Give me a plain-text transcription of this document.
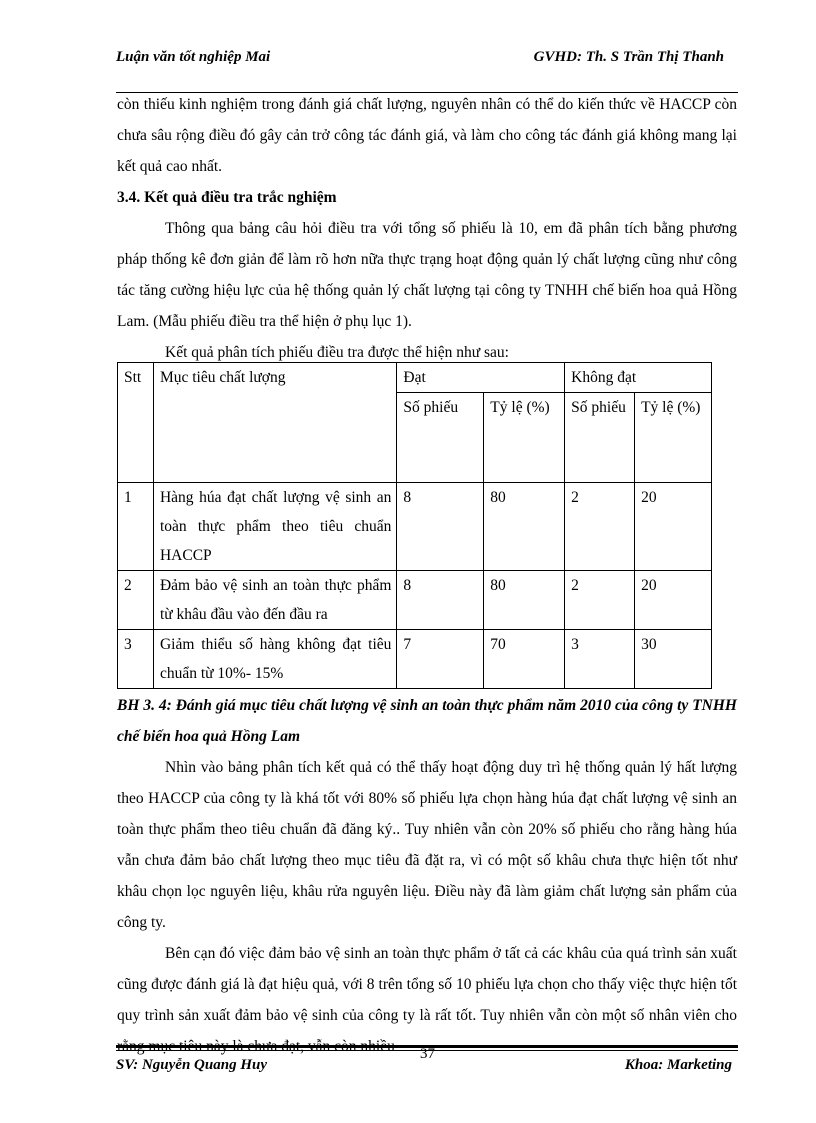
Luận văn tốt nghiệp Mai	GVHD: Th. S Trần Thị Thanh

còn thiếu kinh nghiệm trong đánh giá chất lượng, nguyên nhân có thể do kiến thức về HACCP còn chưa sâu rộng điều đó gây cản trở công tác đánh giá, và làm cho công tác đánh giá không mang lại kết quả cao nhất.

3.4. Kết quả điều tra trắc nghiệm

Thông qua bảng câu hỏi điều tra với tổng số phiếu là 10, em đã phân tích bằng phương pháp thống kê đơn giản để làm rõ hơn nữa thực trạng hoạt động quản lý chất lượng cũng như công tác tăng cường hiệu lực của hệ thống quản lý chất lượng tại công ty TNHH chế biến hoa quả Hồng Lam. (Mẫu phiếu điều tra thể hiện ở phụ lục 1).

Kết quả phân tích phiếu điều tra được thể hiện như sau:

Stt	Mục tiêu chất lượng	Đạt		Không đạt	
		Số phiếu	Tỷ lệ (%)	Số phiếu	Tỷ lệ (%)
1	Hàng húa đạt chất lượng vệ sinh an toàn thực phẩm theo tiêu chuẩn HACCP	8	80	2	20
2	Đảm bảo vệ sinh an toàn thực phẩm từ khâu đầu vào đến đầu ra	8	80	2	20
3	Giảm thiểu số hàng không đạt tiêu chuẩn từ 10%- 15%	7	70	3	30

BH 3. 4: Đánh giá mục tiêu chất lượng vệ sinh an toàn thực phẩm năm 2010 của công ty TNHH chế biến hoa quả Hồng Lam

Nhìn vào bảng phân tích kết quả có thể thấy hoạt động duy trì hệ thống quản lý hất lượng theo HACCP của công ty là khá tốt với 80% số phiếu lựa chọn hàng húa đạt chất lượng vệ sinh an toàn thực phẩm theo tiêu chuẩn đã đăng ký.. Tuy nhiên vẫn còn 20% số phiếu cho rằng hàng húa vẫn chưa đảm bảo chất lượng theo mục tiêu đã đặt ra, vì có một số khâu chưa thực hiện tốt như khâu chọn lọc nguyên liệu, khâu rửa nguyên liệu. Điều này đã làm giảm chất lượng sản phẩm của công ty.

Bên cạn đó việc đảm bảo vệ sinh an toàn thực phẩm ở tất cả các khâu của quá trình sản xuất cũng được đánh giá là đạt hiệu quả, với 8 trên tổng số 10 phiếu lựa chọn cho thấy việc thực hiện tốt quy trình sản xuất đảm bảo vệ sinh của công ty là rất tốt. Tuy nhiên vẫn còn một số nhân viên cho

37
SV: Nguyễn Quang Huy	Khoa: Marketing
